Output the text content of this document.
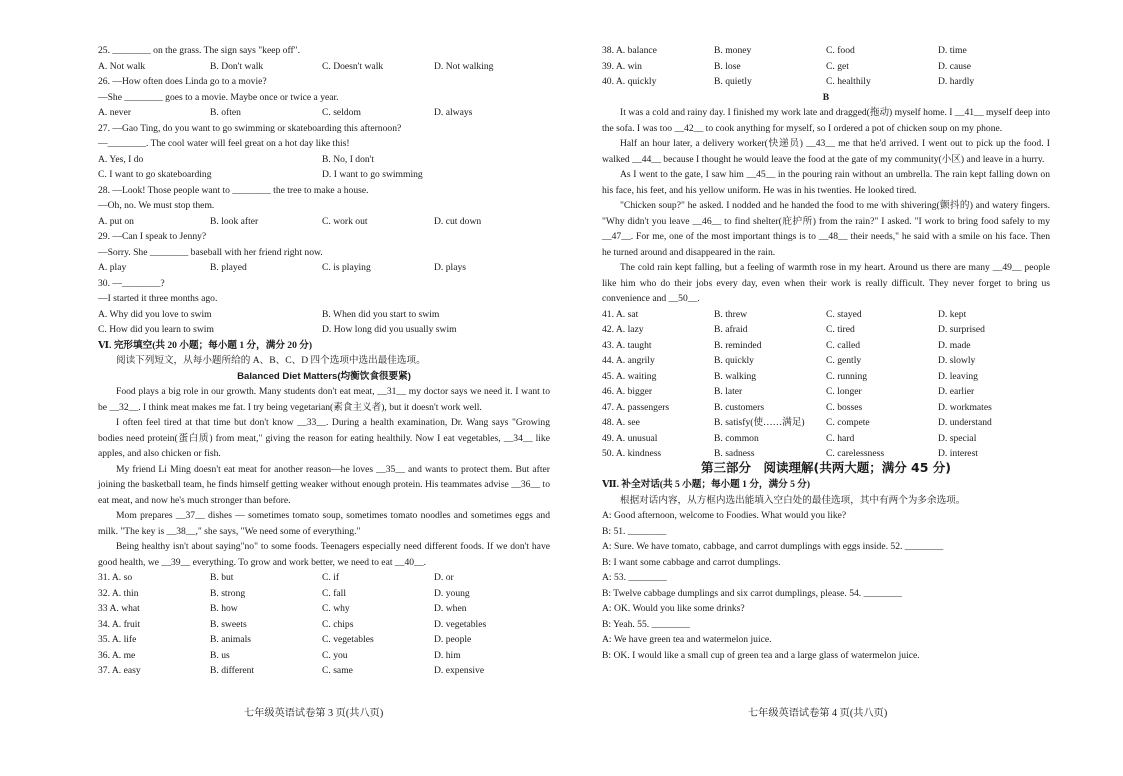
25. ________ on the grass. The sign says "keep off".
A. Not walk	B. Don't walk	C. Doesn't walk	D. Not walking
26. —How often does Linda go to a movie?
—She ________ goes to a movie. Maybe once or twice a year.
A. never	B. often	C. seldom	D. always
27. —Gao Ting, do you want to go swimming or skateboarding this afternoon?
—________. The cool water will feel great on a hot day like this!
A. Yes, I do	B. No, I don't
C. I want to go skateboarding	D. I want to go swimming
28. —Look! Those people want to ________ the tree to make a house.
—Oh, no. We must stop them.
A. put on	B. look after	C. work out	D. cut down
29. —Can I speak to Jenny?
—Sorry. She ________ baseball with her friend right now.
A. play	B. played	C. is playing	D. plays
30. —________?
—I started it three months ago.
A. Why did you love to swim	B. When did you start to swim
C. How did you learn to swim	D. How long did you usually swim
Ⅵ. 完形填空(共 20 小题；每小题 1 分，满分 20 分)
阅读下列短文，从每小题所给的 A、B、C、D 四个选项中选出最佳选项。
Balanced Diet Matters(均衡饮食很要紧)
Food plays a big role in our growth. Many students don't eat meat, __31__ my doctor says we need it. I want to be __32__. I think meat makes me fat. I try being vegetarian(素食主义者), but it doesn't work well.
I often feel tired at that time but don't know __33__. During a health examination, Dr. Wang says "Growing bodies need protein(蛋白质) from meat," giving the reason for eating healthily. Now I eat vegetables, __34__ like apples, and also chicken or fish.
My friend Li Ming doesn't eat meat for another reason—he loves __35__ and wants to protect them. But after joining the basketball team, he finds himself getting weaker without enough protein. His teammates advise __36__ to eat meat, and now he's much stronger than before.
Mom prepares __37__ dishes — sometimes tomato soup, sometimes tomato noodles and sometimes eggs and milk. "The key is __38__," she says, "We need some of everything."
Being healthy isn't about saying"no" to some foods. Teenagers especially need different foods. If we don't have good health, we __39__ everything. To grow and work better, we need to eat __40__.
31. A. so	B. but	C. if	D. or
32. A. thin	B. strong	C. fall	D. young
33 A. what	B. how	C. why	D. when
34. A. fruit	B. sweets	C. chips	D. vegetables
35. A. life	B. animals	C. vegetables	D. people
36. A. me	B. us	C. you	D. him
37. A. easy	B. different	C. same	D. expensive
38. A. balance	B. money	C. food	D. time
39. A. win	B. lose	C. get	D. cause
40. A. quickly	B. quietly	C. healthily	D. hardly
B
It was a cold and rainy day. I finished my work late and dragged(拖动) myself home. I __41__ myself deep into the sofa. I was too __42__ to cook anything for myself, so I ordered a pot of chicken soup on my phone.
Half an hour later, a delivery worker(快递员) __43__ me that he'd arrived. I went out to pick up the food. I walked __44__ because I thought he would leave the food at the gate of my community(小区) and leave in a hurry.
As I went to the gate, I saw him __45__ in the pouring rain without an umbrella. The rain kept falling down on his face, his feet, and his yellow uniform. He was in his twenties. He looked tired.
"Chicken soup?" he asked. I nodded and he handed the food to me with shivering(颤抖的) and watery fingers. "Why didn't you leave __46__ to find shelter(庇护所) from the rain?" I asked. "I work to bring food safely to my __47__. For me, one of the most important things is to __48__ their needs," he said with a smile on his face. Then he turned around and disappeared in the rain.
The cold rain kept falling, but a feeling of warmth rose in my heart. Around us there are many __49__ people like him who do their jobs every day, even when their work is really difficult. They never forget to bring us convenience and __50__.
41. A. sat	B. threw	C. stayed	D. kept
42. A. lazy	B. afraid	C. tired	D. surprised
43. A. taught	B. reminded	C. called	D. made
44. A. angrily	B. quickly	C. gently	D. slowly
45. A. waiting	B. walking	C. running	D. leaving
46. A. bigger	B. later	C. longer	D. earlier
47. A. passengers	B. customers	C. bosses	D. workmates
48. A. see	B. satisfy(使……满足)	C. compete	D. understand
49. A. unusual	B. common	C. hard	D. special
50. A. kindness	B. sadness	C. carelessness	D. interest
第三部分　阅读理解(共两大题；满分 45 分)
Ⅶ. 补全对话(共 5 小题；每小题 1 分，满分 5 分)
根据对话内容，从方框内选出能填入空白处的最佳选项，其中有两个为多余选项。
A: Good afternoon, welcome to Foodies. What would you like?
B: 51. ________
A: Sure. We have tomato, cabbage, and carrot dumplings with eggs inside. 52. ________
B: I want some cabbage and carrot dumplings.
A: 53. ________
B: Twelve cabbage dumplings and six carrot dumplings, please. 54. ________
A: OK. Would you like some drinks?
B: Yeah. 55. ________
A: We have green tea and watermelon juice.
B: OK. I would like a small cup of green tea and a large glass of watermelon juice.
七年级英语试卷第 3 页(共八页)	七年级英语试卷第 4 页(共八页)
